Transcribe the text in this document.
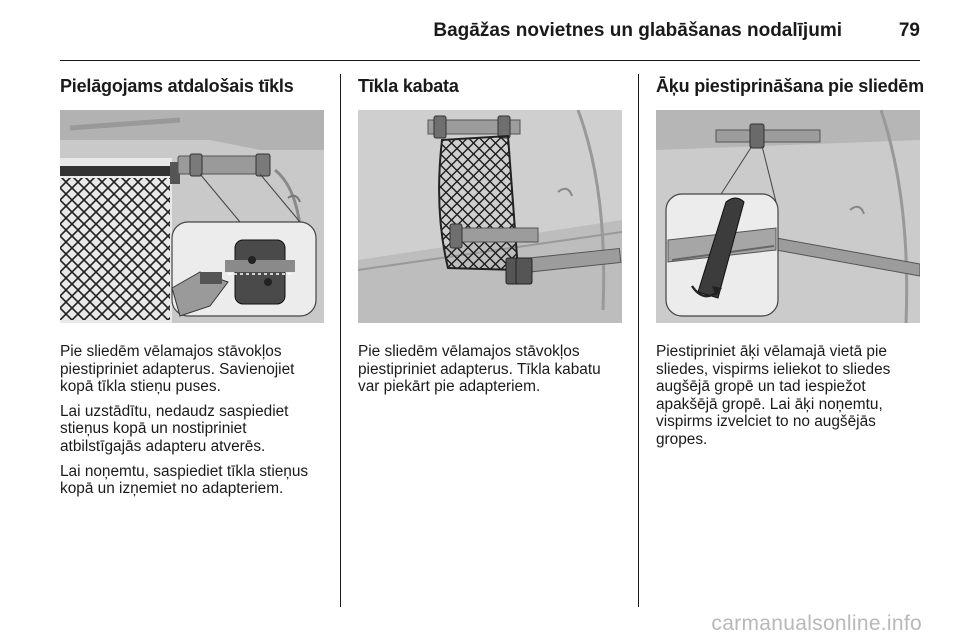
Bagāžas novietnes un glabāšanas nodalījumi	79
Pielāgojams atdalošais tīkls

Pie sliedēm vēlamajos stāvokļos piestipriniet adapterus. Savienojiet kopā tīkla stieņu puses.

Lai uzstādītu, nedaudz saspiediet stieņus kopā un nostipriniet atbilstīgajās adapteru atverēs.

Lai noņemtu, saspiediet tīkla stieņus kopā un izņemiet no adapteriem.

Tīkla kabata

Pie sliedēm vēlamajos stāvokļos piestipriniet adapterus. Tīkla kabatu var piekārt pie adapteriem.

Āķu piestiprināšana pie sliedēm

Piestipriniet āķi vēlamajā vietā pie sliedes, vispirms ieliekot to sliedes augšējā gropē un tad iespiežot apakšējā gropē. Lai āķi noņemtu, vispirms izvelciet to no augšējās gropes.

carmanualsonline.info
